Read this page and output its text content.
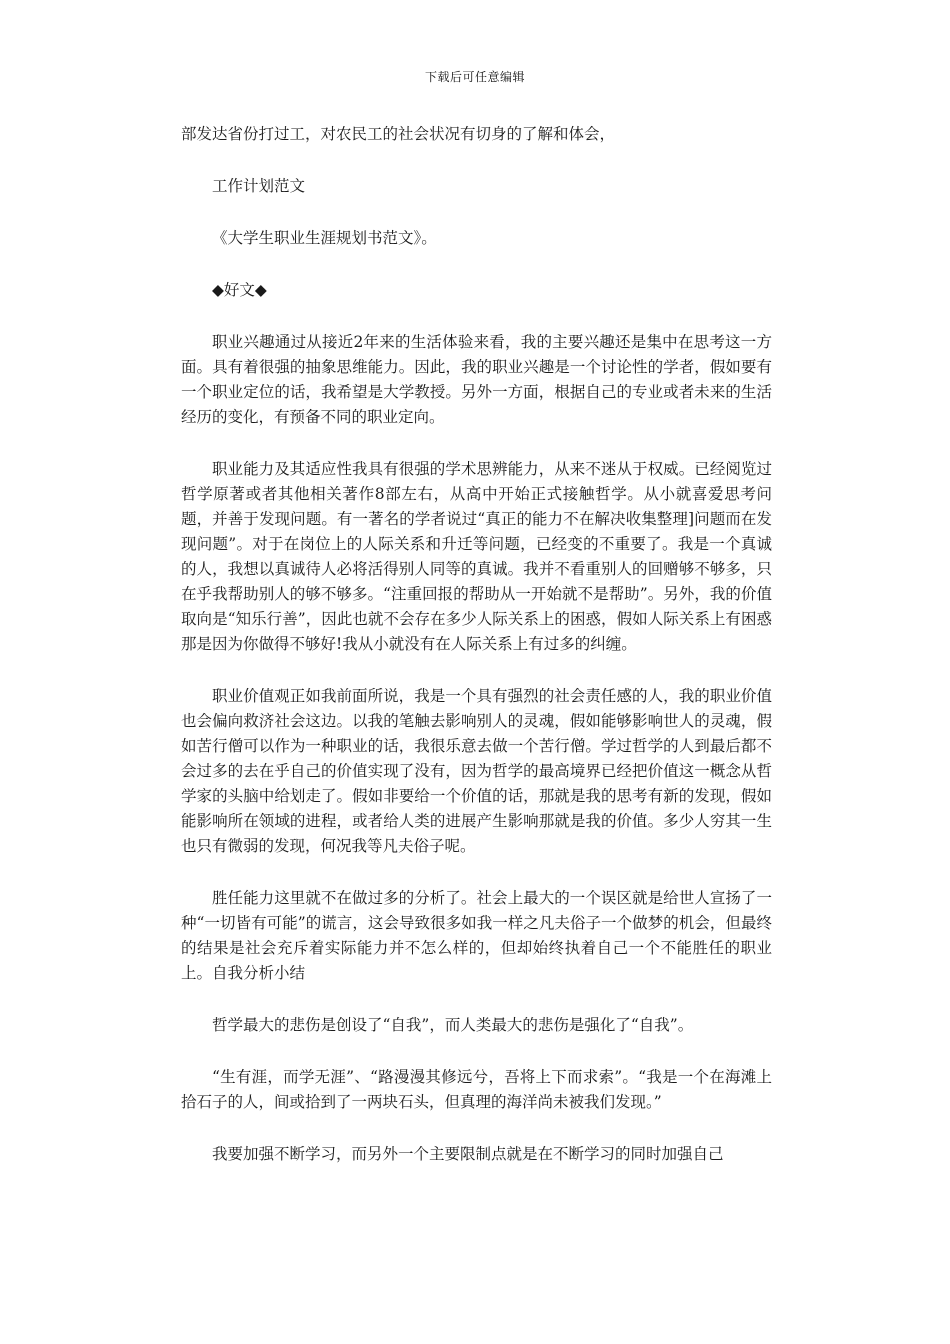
下载后可任意编辑

部发达省份打过工，对农民工的社会状况有切身的了解和体会，

工作计划范文

《大学生职业生涯规划书范文》。

◆好文◆

职业兴趣通过从接近2年来的生活体验来看，我的主要兴趣还是集中在思考这一方面。具有着很强的抽象思维能力。因此，我的职业兴趣是一个讨论性的学者，假如要有一个职业定位的话，我希望是大学教授。另外一方面，根据自己的专业或者未来的生活经历的变化，有预备不同的职业定向。

职业能力及其适应性我具有很强的学术思辨能力，从来不迷从于权威。已经阅览过哲学原著或者其他相关著作8部左右，从高中开始正式接触哲学。从小就喜爱思考问题，并善于发现问题。有一著名的学者说过“真正的能力不在解决收集整理]问题而在发现问题”。对于在岗位上的人际关系和升迁等问题，已经变的不重要了。我是一个真诚的人，我想以真诚待人必将活得别人同等的真诚。我并不看重别人的回赠够不够多，只在乎我帮助别人的够不够多。“注重回报的帮助从一开始就不是帮助”。另外，我的价值取向是“知乐行善”，因此也就不会存在多少人际关系上的困惑，假如人际关系上有困惑那是因为你做得不够好!我从小就没有在人际关系上有过多的纠缠。

职业价值观正如我前面所说，我是一个具有强烈的社会责任感的人，我的职业价值也会偏向救济社会这边。以我的笔触去影响别人的灵魂，假如能够影响世人的灵魂，假如苦行僧可以作为一种职业的话，我很乐意去做一个苦行僧。学过哲学的人到最后都不会过多的去在乎自己的价值实现了没有，因为哲学的最高境界已经把价值这一概念从哲学家的头脑中给划走了。假如非要给一个价值的话，那就是我的思考有新的发现，假如能影响所在领域的进程，或者给人类的进展产生影响那就是我的价值。多少人穷其一生也只有微弱的发现，何况我等凡夫俗子呢。

胜任能力这里就不在做过多的分析了。社会上最大的一个误区就是给世人宣扬了一种“一切皆有可能”的谎言，这会导致很多如我一样之凡夫俗子一个做梦的机会，但最终的结果是社会充斥着实际能力并不怎么样的，但却始终执着自己一个不能胜任的职业上。自我分析小结

哲学最大的悲伤是创设了“自我”，而人类最大的悲伤是强化了“自我”。

“生有涯，而学无涯”、“路漫漫其修远兮，吾将上下而求索”。“我是一个在海滩上拾石子的人，间或拾到了一两块石头，但真理的海洋尚未被我们发现。”

我要加强不断学习，而另外一个主要限制点就是在不断学习的同时加强自己
